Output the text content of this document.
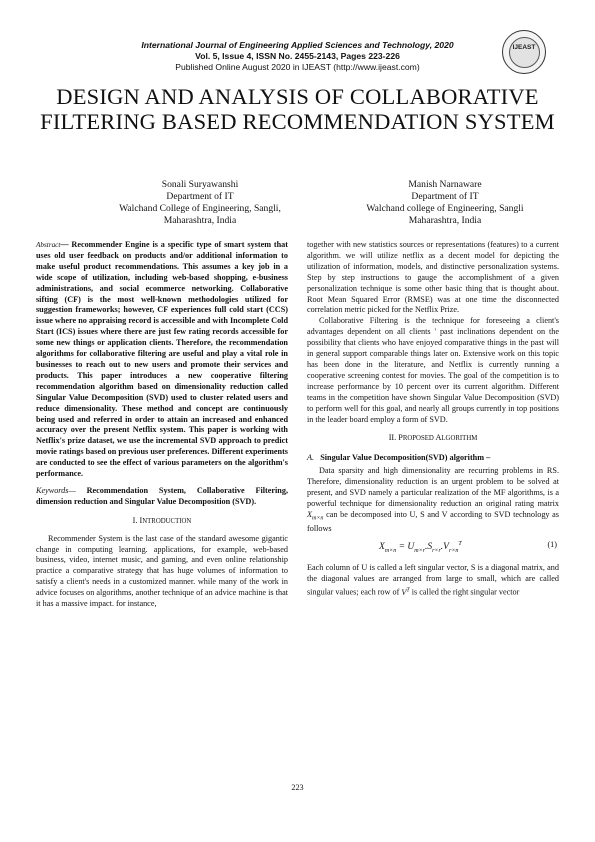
International Journal of Engineering Applied Sciences and Technology, 2020
Vol. 5, Issue 4, ISSN No. 2455-2143, Pages 223-226
Published Online August 2020 in IJEAST (http://www.ijeast.com)
IJEAST
DESIGN AND ANALYSIS OF COLLABORATIVE FILTERING BASED RECOMMENDATION SYSTEM
Sonali Suryawanshi
Department of IT
Walchand College of Engineering, Sangli,
Maharashtra, India
Manish Narnaware
Department of IT
Walchand college of Engineering, Sangli
Maharashtra, India

Abstract— Recommender Engine is a specific type of smart system that uses old user feedback on products and/or additional information to make useful product recommendations. This assumes a key job in a wide scope of utilization, including web-based shopping, e-business administrations, and social ecommerce networking. Collaborative sifting (CF) is the most well-known methodologies utilized for suggestion frameworks; however, CF experiences full cold start (CCS) issue where no appraising record is accessible and with Incomplete Cold Start (ICS) issues where there are just few rating records accessible for some new things or application clients. Therefore, the recommendation algorithms for collaborative filtering are useful and play a vital role in businesses to reach out to new users and promote their services and products. This paper introduces a new cooperative filtering recommendation algorithm based on dimensionality reduction called Singular Value Decomposition (SVD) used to cluster related users and reduce dimensionality. These method and concept are continuously being used and referred in order to attain an increased and enhanced accuracy over the present Netflix system. This paper is working with Netflix's prize dataset, we use the incremental SVD approach to predict movie ratings based on previous user preferences. Different experiments are conducted to see the effect of various parameters on the algorithm's performance.

Keywords— Recommendation System, Collaborative Filtering, dimension reduction and Singular Value Decomposition (SVD).

I. INTRODUCTION

Recommender System is the last case of the standard awesome gigantic change in computing learning. applications, for example, web-based business, video, internet music, and gaming, and even online relationship practice a comparative strategy that has huge volumes of information to satisfy a client's needs in a customized manner. while many of the work in advice focuses on algorithms, another technique of an advice machine is that it has a massive impact. for instance,

together with new statistics sources or representations (features) to a current algorithm. we will utilize netflix as a decent model for depicting the utilization of information, models, and distinctive personalization systems. Step by step instructions to gauge the accomplishment of a given personalization technique is some other basic thing that is thought about. Root Mean Squared Error (RMSE) was at one time the disconnected correlation metric picked for the Netflix Prize.

Collaborative Filtering is the technique for foreseeing a client's advantages dependent on all clients ' past inclinations dependent on the possibility that clients who have enjoyed comparative things in the past will in general support comparable things later on. Extensive work on this topic has been done in the literature, and Netflix is currently running a cooperative screening contest for movies. The goal of the competition is to increase performance by 10 percent over its current algorithm. Different teams in the competition have shown Singular Value Decomposition (SVD) to perform well for this goal, and nearly all groups currently in top positions in the leader board employ a form of SVD.

II. PROPOSED ALGORITHM
A. Singular Value Decomposition(SVD) algorithm –

Data sparsity and high dimensionality are recurring problems in RS. Therefore, dimensionality reduction is an urgent problem to be solved at present, and SVD namely a particular realization of the MF algorithms, is a powerful technique for dimensionality reduction an original rating matrix $X_{m\times n}$ can be decomposed into U, S and V according to SVD technology as follows

$X_{m\times n} = U_{m\times r}.S_{r\times r}.V_{r\times n}^T$	(1)

Each column of U is called a left singular vector, S is a diagonal matrix, and the diagonal values are arranged from large to small, which are called singular values; each row of $V^T$ is called the right singular vector

223
